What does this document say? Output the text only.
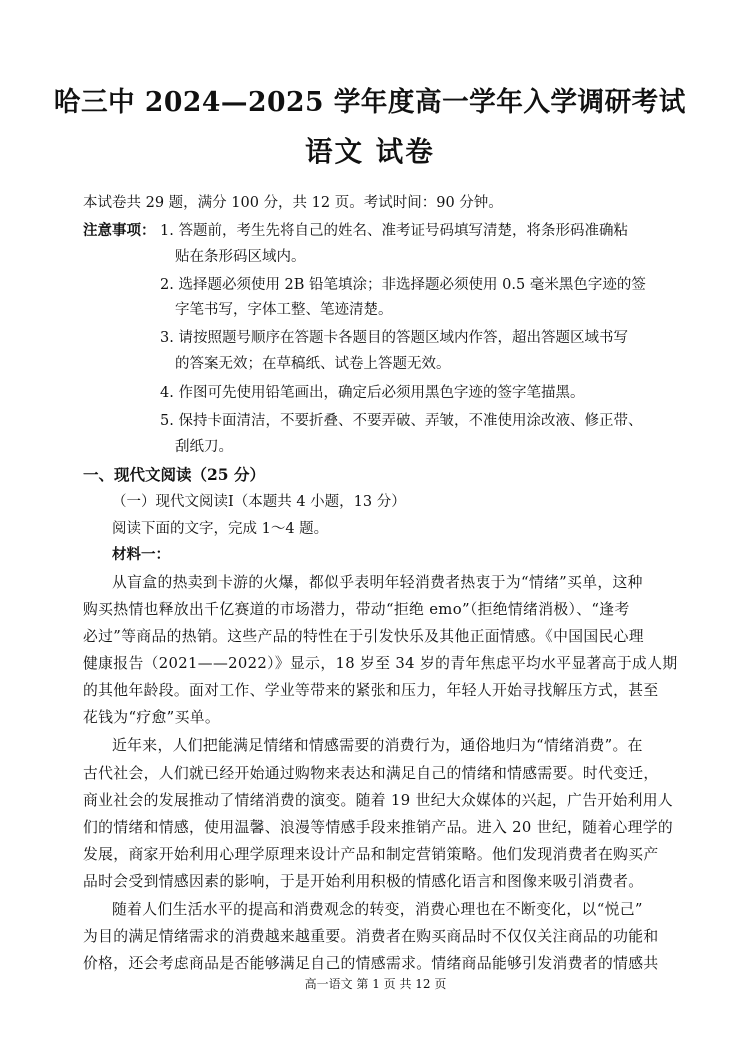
哈三中 2024—2025 学年度高一学年入学调研考试
语文 试卷
本试卷共 29 题，满分 100 分，共 12 页。考试时间：90 分钟。
注意事项： 1. 答题前，考生先将自己的姓名、准考证号码填写清楚，将条形码准确粘
贴在条形码区域内。
2. 选择题必须使用 2B 铅笔填涂；非选择题必须使用 0.5 毫米黑色字迹的签
字笔书写，字体工整、笔迹清楚。
3. 请按照题号顺序在答题卡各题目的答题区域内作答，超出答题区域书写
的答案无效；在草稿纸、试卷上答题无效。
4. 作图可先使用铅笔画出，确定后必须用黑色字迹的签字笔描黑。
5. 保持卡面清洁，不要折叠、不要弄破、弄皱，不准使用涂改液、修正带、
刮纸刀。
一、现代文阅读（25 分）
（一）现代文阅读Ⅰ（本题共 4 小题，13 分）
阅读下面的文字，完成 1～4 题。
材料一：
从盲盒的热卖到卡游的火爆，都似乎表明年轻消费者热衷于为“情绪”买单，这种
购买热情也释放出千亿赛道的市场潜力，带动“拒绝 emo”（拒绝情绪消极）、“逢考
必过”等商品的热销。这些产品的特性在于引发快乐及其他正面情感。《中国国民心理
健康报告（2021——2022）》显示，18 岁至 34 岁的青年焦虑平均水平显著高于成人期
的其他年龄段。面对工作、学业等带来的紧张和压力，年轻人开始寻找解压方式，甚至
花钱为“疗愈”买单。
近年来，人们把能满足情绪和情感需要的消费行为，通俗地归为“情绪消费”。在
古代社会，人们就已经开始通过购物来表达和满足自己的情绪和情感需要。时代变迁，
商业社会的发展推动了情绪消费的演变。随着 19 世纪大众媒体的兴起，广告开始利用人
们的情绪和情感，使用温馨、浪漫等情感手段来推销产品。进入 20 世纪，随着心理学的
发展，商家开始利用心理学原理来设计产品和制定营销策略。他们发现消费者在购买产
品时会受到情感因素的影响，于是开始利用积极的情感化语言和图像来吸引消费者。
随着人们生活水平的提高和消费观念的转变，消费心理也在不断变化，以“悦己”
为目的满足情绪需求的消费越来越重要。消费者在购买商品时不仅仅关注商品的功能和
价格，还会考虑商品是否能够满足自己的情感需求。情绪商品能够引发消费者的情感共
高一语文 第 1 页 共 12 页
